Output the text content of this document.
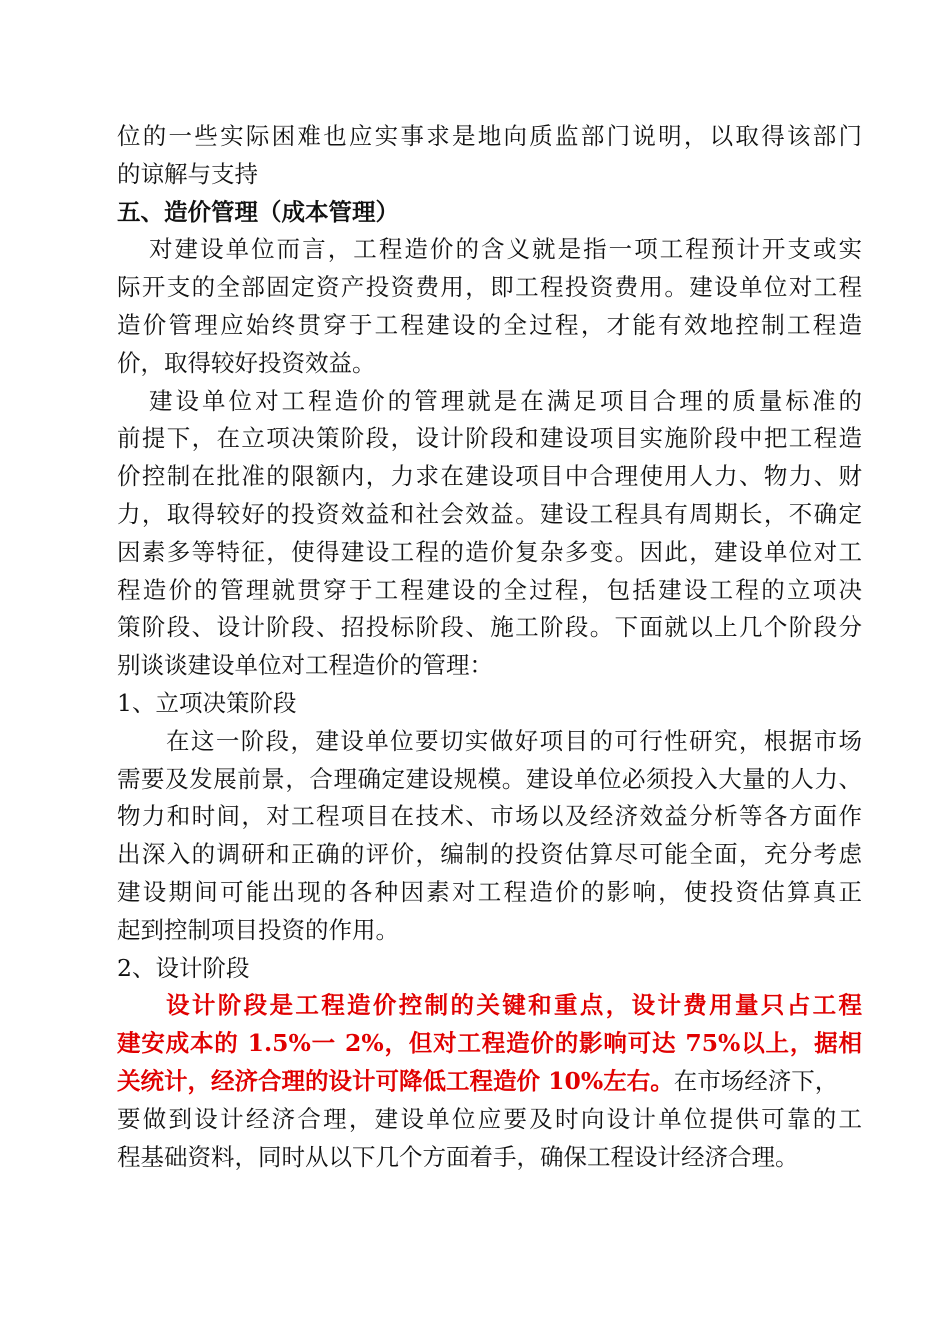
位的一些实际困难也应实事求是地向质监部门说明，以取得该部门
的谅解与支持
五、造价管理（成本管理）
对建设单位而言，工程造价的含义就是指一项工程预计开支或实
际开支的全部固定资产投资费用，即工程投资费用。建设单位对工程
造价管理应始终贯穿于工程建设的全过程，才能有效地控制工程造
价，取得较好投资效益。
建设单位对工程造价的管理就是在满足项目合理的质量标准的
前提下，在立项决策阶段，设计阶段和建设项目实施阶段中把工程造
价控制在批准的限额内，力求在建设项目中合理使用人力、物力、财
力，取得较好的投资效益和社会效益。建设工程具有周期长，不确定
因素多等特征，使得建设工程的造价复杂多变。因此，建设单位对工
程造价的管理就贯穿于工程建设的全过程，包括建设工程的立项决
策阶段、设计阶段、招投标阶段、施工阶段。下面就以上几个阶段分
别谈谈建设单位对工程造价的管理：
1、立项决策阶段
在这一阶段，建设单位要切实做好项目的可行性研究，根据市场
需要及发展前景，合理确定建设规模。建设单位必须投入大量的人力、
物力和时间，对工程项目在技术、市场以及经济效益分析等各方面作
出深入的调研和正确的评价，编制的投资估算尽可能全面，充分考虑
建设期间可能出现的各种因素对工程造价的影响，使投资估算真正
起到控制项目投资的作用。
2、设计阶段
设计阶段是工程造价控制的关键和重点，设计费用量只占工程
建安成本的 1.5%一 2%，但对工程造价的影响可达 75%以上，据相
关统计，经济合理的设计可降低工程造价 10%左右。在市场经济下，
要做到设计经济合理，建设单位应要及时向设计单位提供可靠的工
程基础资料，同时从以下几个方面着手，确保工程设计经济合理。
